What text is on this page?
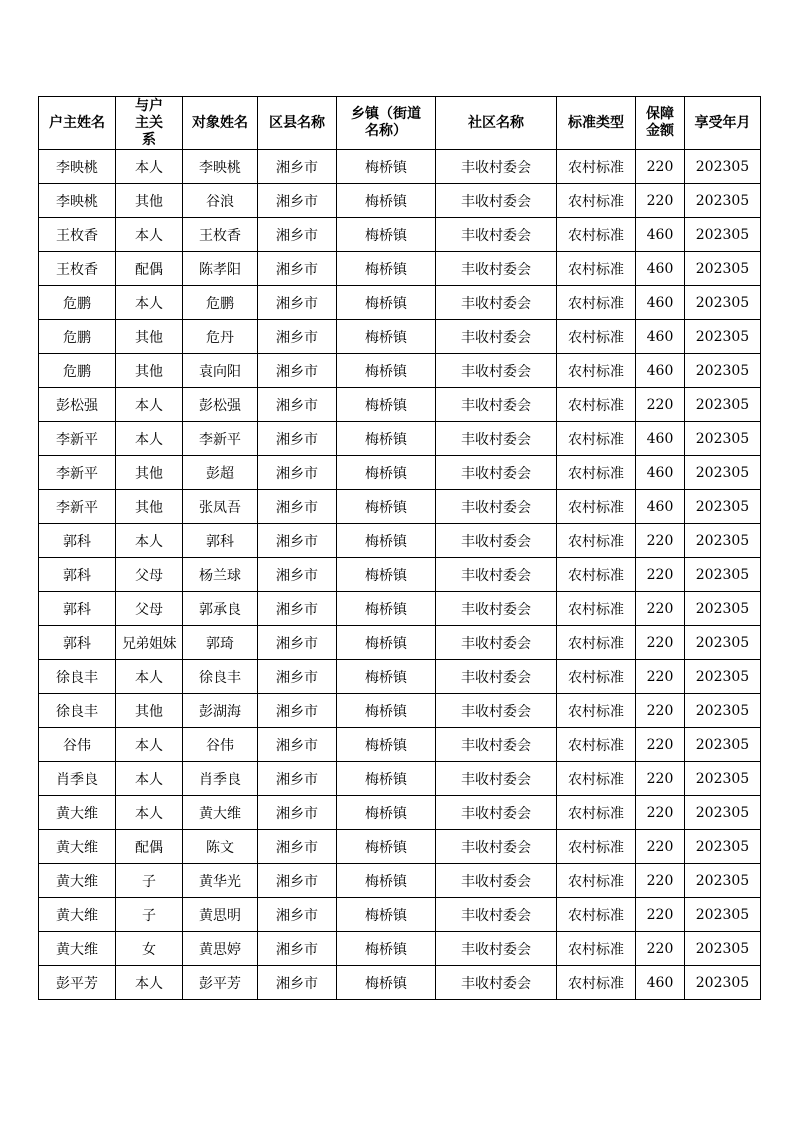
户主姓名	与户主关系	对象姓名	区县名称	乡镇（街道名称）	社区名称	标准类型	保障金额	享受年月
李映桃	本人	李映桃	湘乡市	梅桥镇	丰收村委会	农村标准	220	202305
李映桃	其他	谷浪	湘乡市	梅桥镇	丰收村委会	农村标准	220	202305
王枚香	本人	王枚香	湘乡市	梅桥镇	丰收村委会	农村标准	460	202305
王枚香	配偶	陈孝阳	湘乡市	梅桥镇	丰收村委会	农村标准	460	202305
危鹏	本人	危鹏	湘乡市	梅桥镇	丰收村委会	农村标准	460	202305
危鹏	其他	危丹	湘乡市	梅桥镇	丰收村委会	农村标准	460	202305
危鹏	其他	袁向阳	湘乡市	梅桥镇	丰收村委会	农村标准	460	202305
彭松强	本人	彭松强	湘乡市	梅桥镇	丰收村委会	农村标准	220	202305
李新平	本人	李新平	湘乡市	梅桥镇	丰收村委会	农村标准	460	202305
李新平	其他	彭超	湘乡市	梅桥镇	丰收村委会	农村标准	460	202305
李新平	其他	张凤吾	湘乡市	梅桥镇	丰收村委会	农村标准	460	202305
郭科	本人	郭科	湘乡市	梅桥镇	丰收村委会	农村标准	220	202305
郭科	父母	杨兰球	湘乡市	梅桥镇	丰收村委会	农村标准	220	202305
郭科	父母	郭承良	湘乡市	梅桥镇	丰收村委会	农村标准	220	202305
郭科	兄弟姐妹	郭琦	湘乡市	梅桥镇	丰收村委会	农村标准	220	202305
徐良丰	本人	徐良丰	湘乡市	梅桥镇	丰收村委会	农村标准	220	202305
徐良丰	其他	彭湖海	湘乡市	梅桥镇	丰收村委会	农村标准	220	202305
谷伟	本人	谷伟	湘乡市	梅桥镇	丰收村委会	农村标准	220	202305
肖季良	本人	肖季良	湘乡市	梅桥镇	丰收村委会	农村标准	220	202305
黄大维	本人	黄大维	湘乡市	梅桥镇	丰收村委会	农村标准	220	202305
黄大维	配偶	陈文	湘乡市	梅桥镇	丰收村委会	农村标准	220	202305
黄大维	子	黄华光	湘乡市	梅桥镇	丰收村委会	农村标准	220	202305
黄大维	子	黄思明	湘乡市	梅桥镇	丰收村委会	农村标准	220	202305
黄大维	女	黄思婷	湘乡市	梅桥镇	丰收村委会	农村标准	220	202305
彭平芳	本人	彭平芳	湘乡市	梅桥镇	丰收村委会	农村标准	460	202305
